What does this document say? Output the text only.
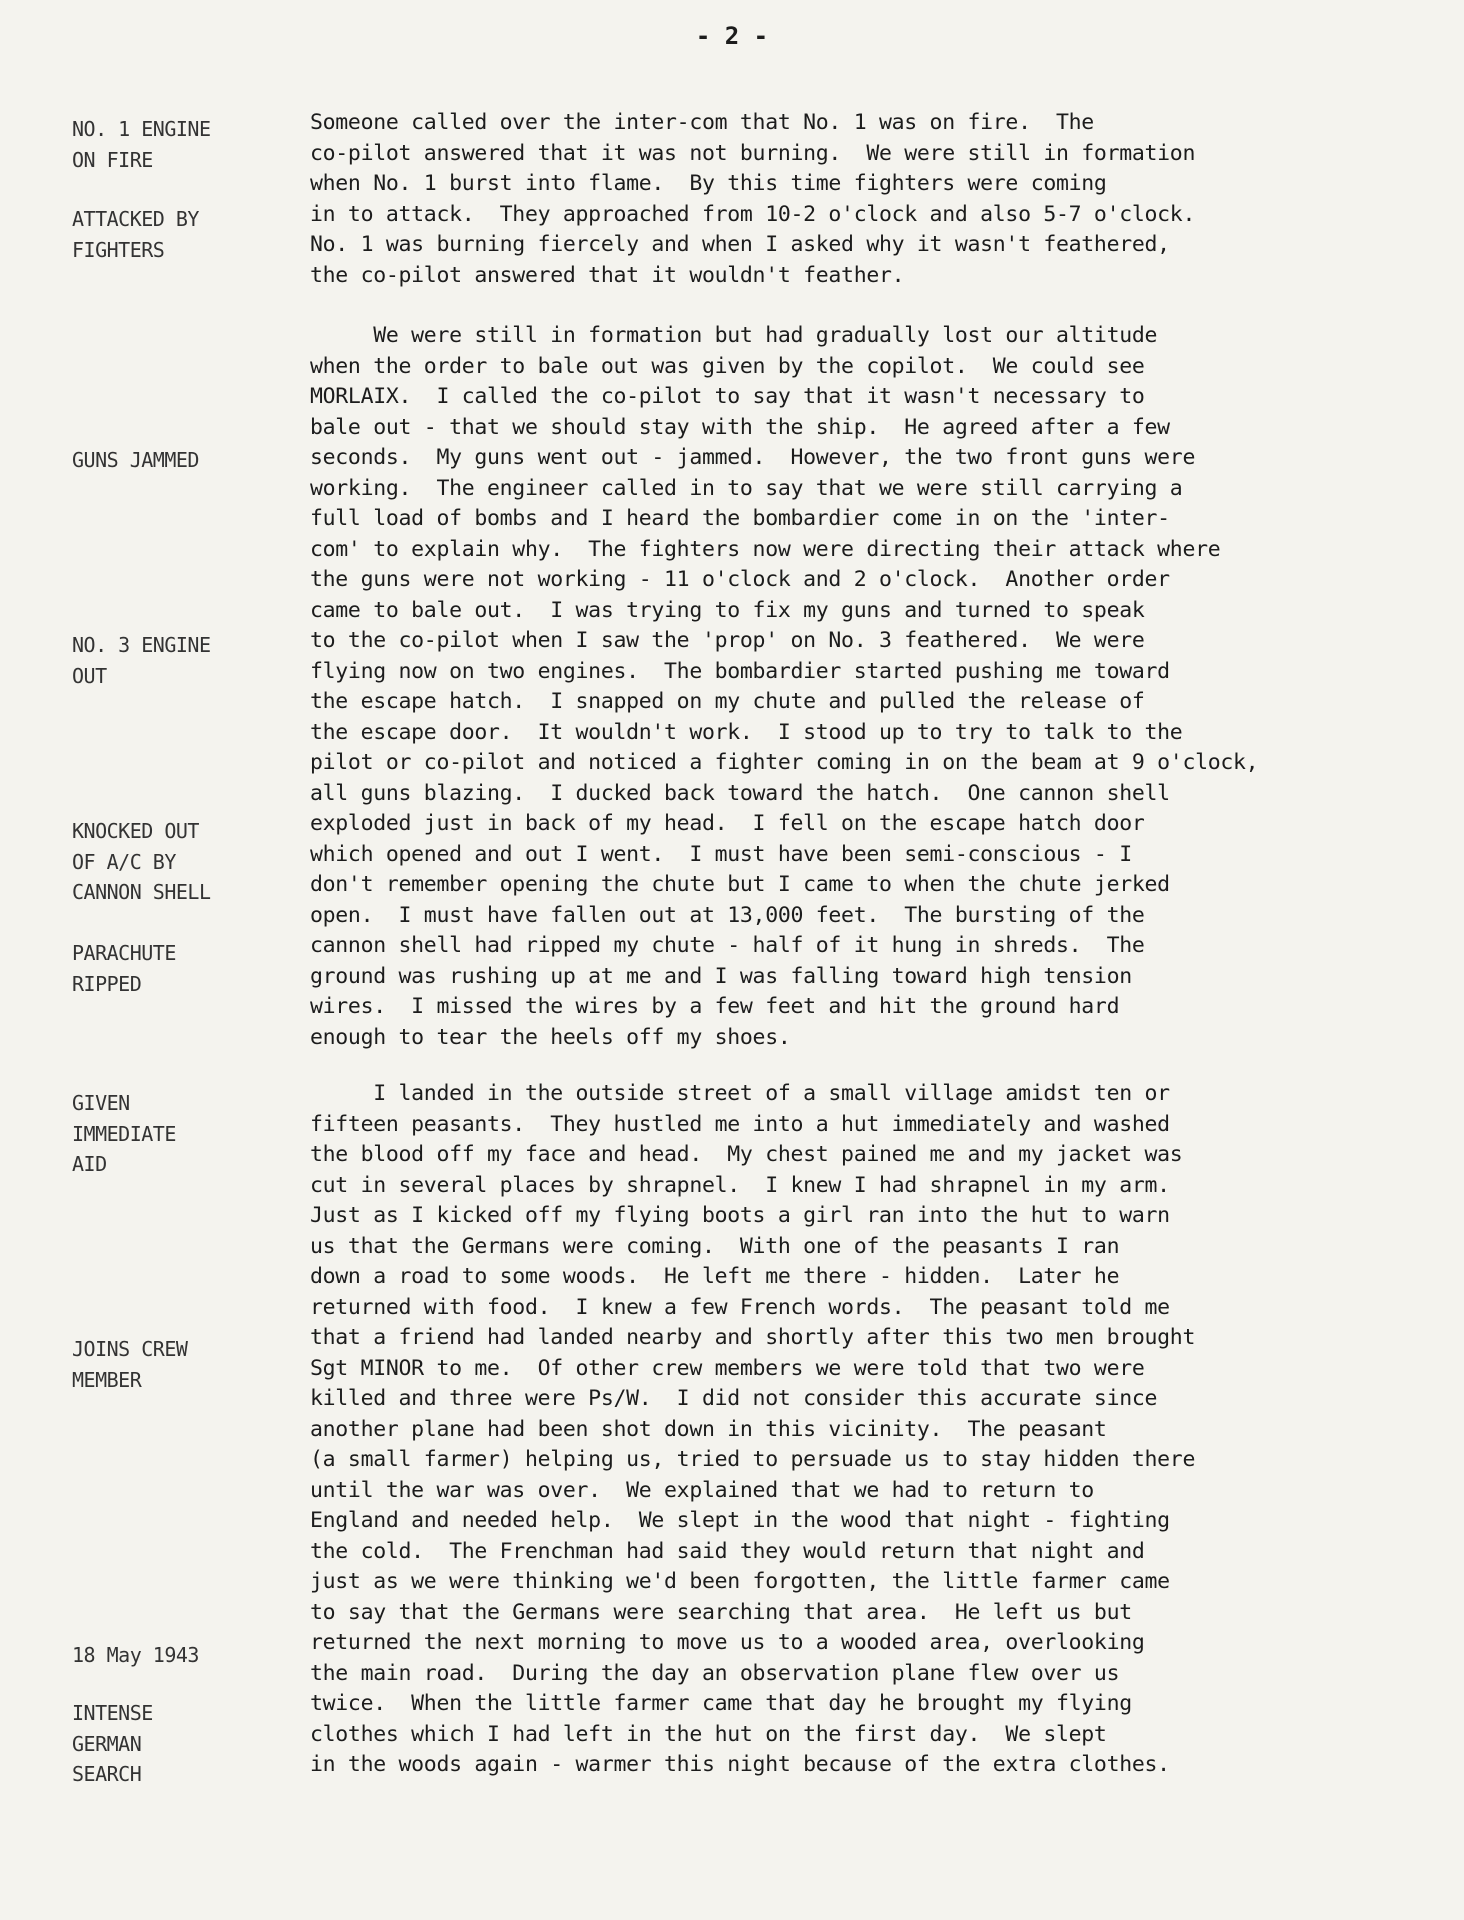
- 2 -
NO. 1 ENGINE
ON FIRE
ATTACKED BY
FIGHTERS
GUNS JAMMED
NO. 3 ENGINE
OUT
KNOCKED OUT
OF A/C BY
CANNON SHELL
PARACHUTE
RIPPED
GIVEN
IMMEDIATE
AID
JOINS CREW
MEMBER
18 May 1943
INTENSE
GERMAN
SEARCH
Someone called over the inter-com that No. 1 was on fire.  The
co-pilot answered that it was not burning.  We were still in formation
when No. 1 burst into flame.  By this time fighters were coming
in to attack.  They approached from 10-2 o'clock and also 5-7 o'clock.
No. 1 was burning fiercely and when I asked why it wasn't feathered,
the co-pilot answered that it wouldn't feather.
We were still in formation but had gradually lost our altitude
when the order to bale out was given by the copilot.  We could see
MORLAIX.  I called the co-pilot to say that it wasn't necessary to
bale out - that we should stay with the ship.  He agreed after a few
seconds.  My guns went out - jammed.  However, the two front guns were
working.  The engineer called in to say that we were still carrying a
full load of bombs and I heard the bombardier come in on the 'inter-
com' to explain why.  The fighters now were directing their attack where
the guns were not working - 11 o'clock and 2 o'clock.  Another order
came to bale out.  I was trying to fix my guns and turned to speak
to the co-pilot when I saw the 'prop' on No. 3 feathered.  We were
flying now on two engines.  The bombardier started pushing me toward
the escape hatch.  I snapped on my chute and pulled the release of
the escape door.  It wouldn't work.  I stood up to try to talk to the
pilot or co-pilot and noticed a fighter coming in on the beam at 9 o'clock,
all guns blazing.  I ducked back toward the hatch.  One cannon shell
exploded just in back of my head.  I fell on the escape hatch door
which opened and out I went.  I must have been semi-conscious - I
don't remember opening the chute but I came to when the chute jerked
open.  I must have fallen out at 13,000 feet.  The bursting of the
cannon shell had ripped my chute - half of it hung in shreds.  The
ground was rushing up at me and I was falling toward high tension
wires.  I missed the wires by a few feet and hit the ground hard
enough to tear the heels off my shoes.
I landed in the outside street of a small village amidst ten or
fifteen peasants.  They hustled me into a hut immediately and washed
the blood off my face and head.  My chest pained me and my jacket was
cut in several places by shrapnel.  I knew I had shrapnel in my arm.
Just as I kicked off my flying boots a girl ran into the hut to warn
us that the Germans were coming.  With one of the peasants I ran
down a road to some woods.  He left me there - hidden.  Later he
returned with food.  I knew a few French words.  The peasant told me
that a friend had landed nearby and shortly after this two men brought
Sgt MINOR to me.  Of other crew members we were told that two were
killed and three were Ps/W.  I did not consider this accurate since
another plane had been shot down in this vicinity.  The peasant
(a small farmer) helping us, tried to persuade us to stay hidden there
until the war was over.  We explained that we had to return to
England and needed help.  We slept in the wood that night - fighting
the cold.  The Frenchman had said they would return that night and
just as we were thinking we'd been forgotten, the little farmer came
to say that the Germans were searching that area.  He left us but
returned the next morning to move us to a wooded area, overlooking
the main road.  During the day an observation plane flew over us
twice.  When the little farmer came that day he brought my flying
clothes which I had left in the hut on the first day.  We slept
in the woods again - warmer this night because of the extra clothes.
